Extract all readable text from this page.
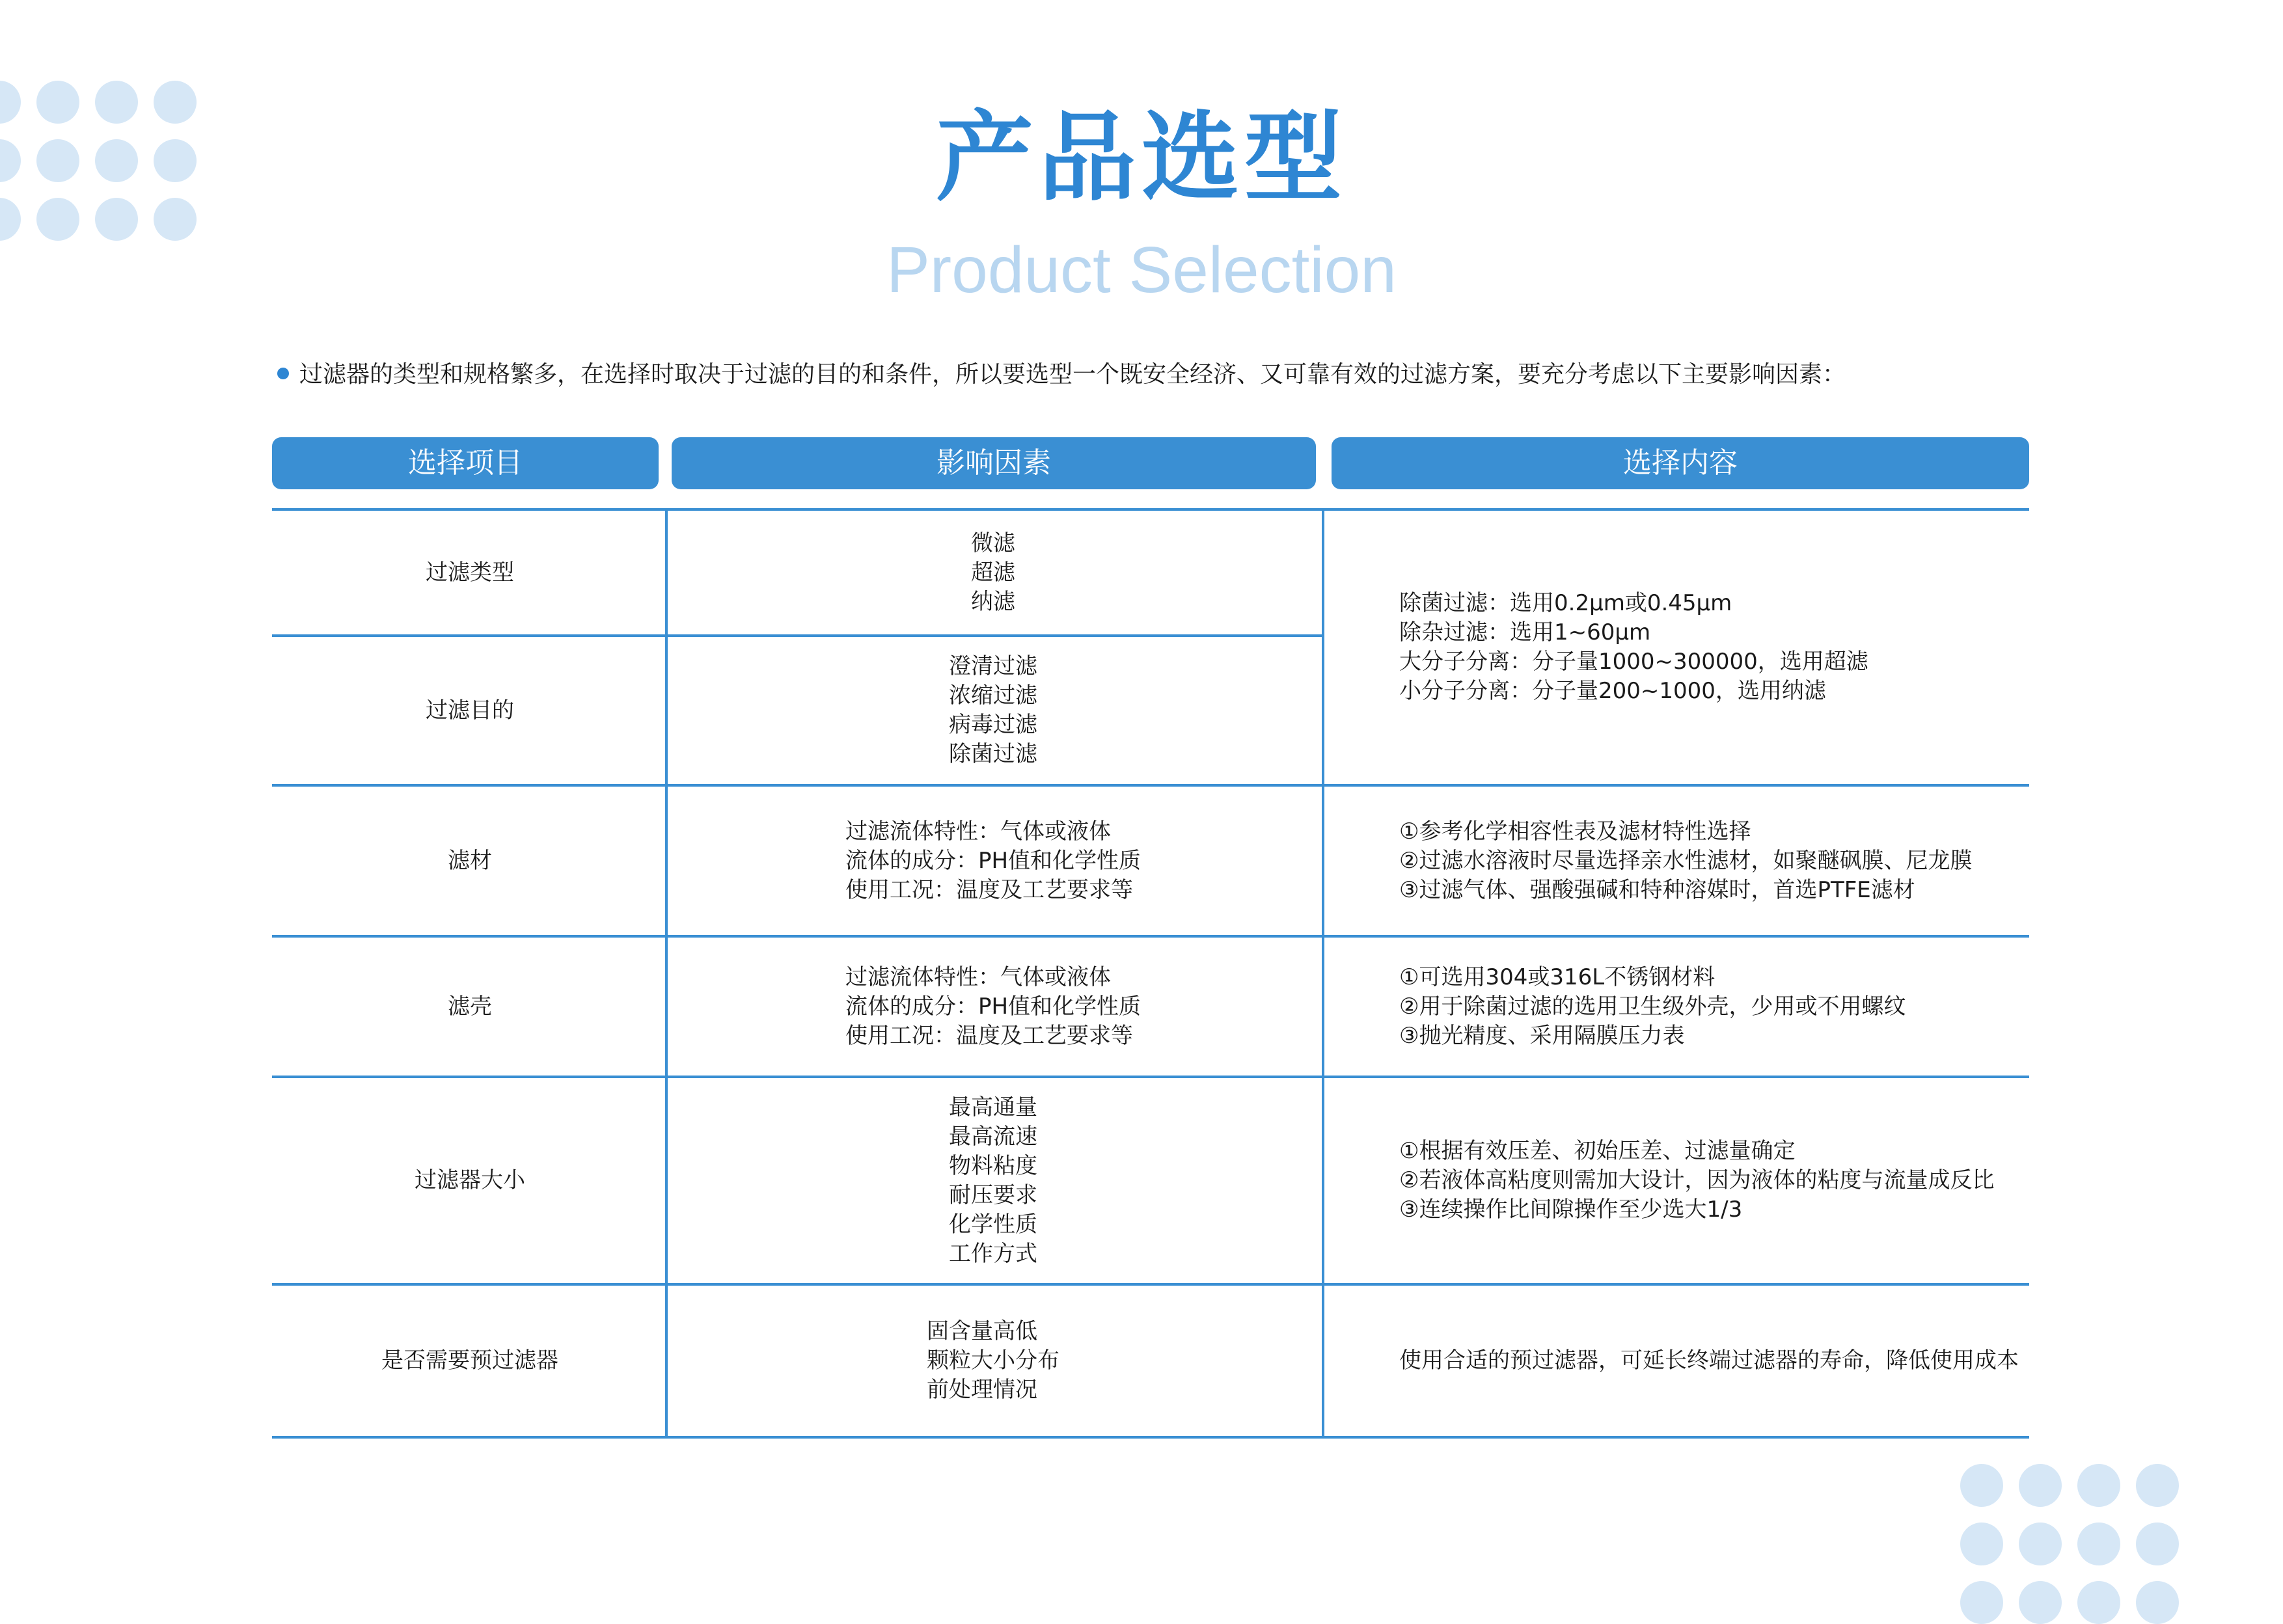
产品选型
Product Selection
过滤器的类型和规格繁多，在选择时取决于过滤的目的和条件，所以要选型一个既安全经济、又可靠有效的过滤方案，要充分考虑以下主要影响因素：
选择项目	影响因素	选择内容
过滤类型
微滤
超滤
纳滤
过滤目的
澄清过滤
浓缩过滤
病毒过滤
除菌过滤
除菌过滤：选用0.2μm或0.45μm
除杂过滤：选用1~60μm
大分子分离：分子量1000~300000，选用超滤
小分子分离：分子量200~1000，选用纳滤
滤材
过滤流体特性：气体或液体
流体的成分：PH值和化学性质
使用工况：温度及工艺要求等
①参考化学相容性表及滤材特性选择
②过滤水溶液时尽量选择亲水性滤材，如聚醚砜膜、尼龙膜
③过滤气体、强酸强碱和特种溶媒时，首选PTFE滤材
滤壳
过滤流体特性：气体或液体
流体的成分：PH值和化学性质
使用工况：温度及工艺要求等
①可选用304或316L不锈钢材料
②用于除菌过滤的选用卫生级外壳，少用或不用螺纹
③抛光精度、采用隔膜压力表
过滤器大小
最高通量
最高流速
物料粘度
耐压要求
化学性质
工作方式
①根据有效压差、初始压差、过滤量确定
②若液体高粘度则需加大设计，因为液体的粘度与流量成反比
③连续操作比间隙操作至少选大1/3
是否需要预过滤器
固含量高低
颗粒大小分布
前处理情况
使用合适的预过滤器，可延长终端过滤器的寿命，降低使用成本
